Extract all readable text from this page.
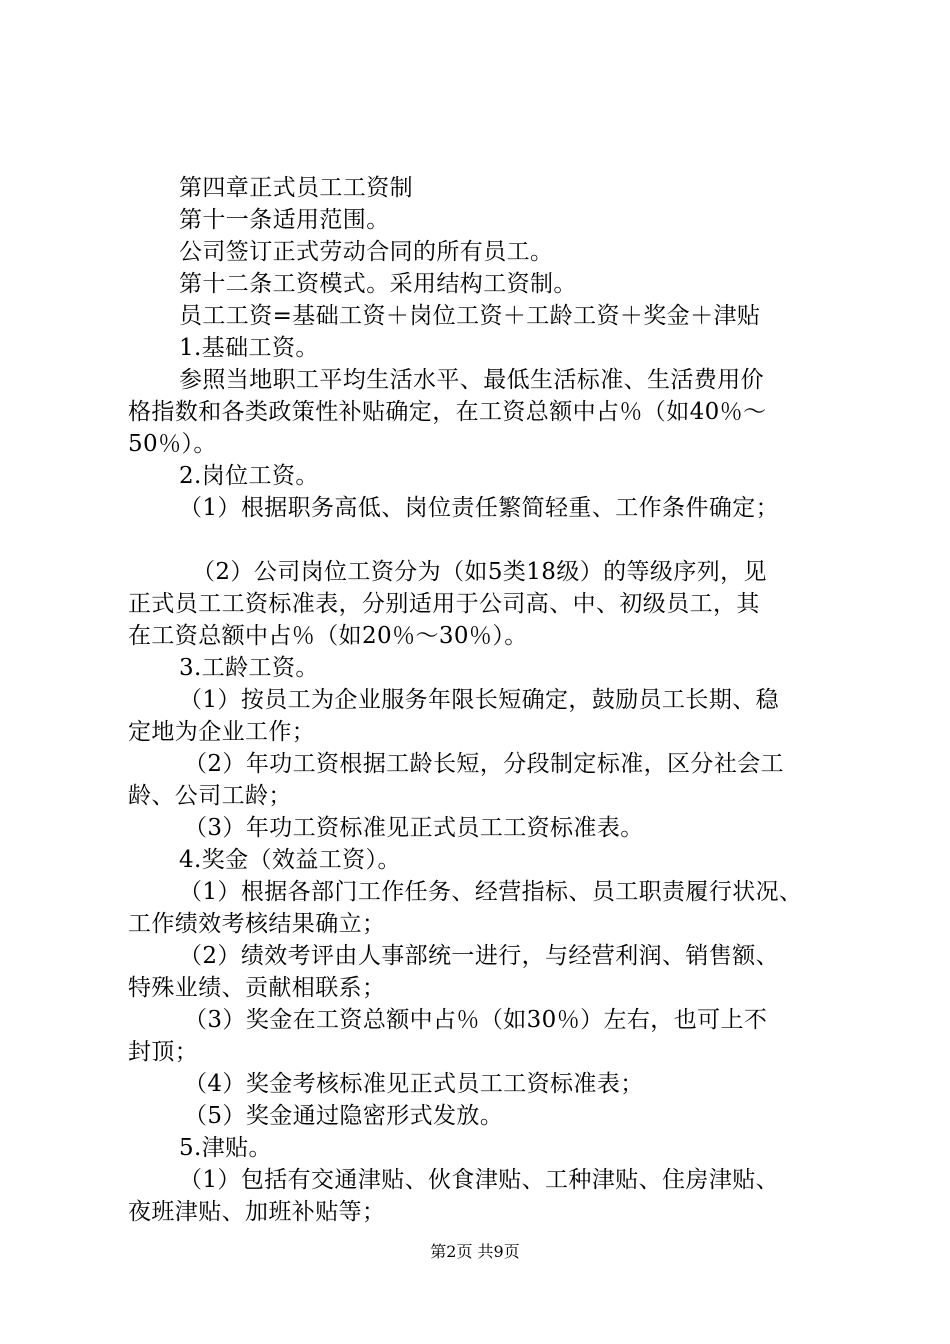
第四章正式员工工资制
第十一条适用范围。
公司签订正式劳动合同的所有员工。
第十二条工资模式。采用结构工资制。
员工工资=基础工资＋岗位工资＋工龄工资＋奖金＋津贴
1.基础工资。
参照当地职工平均生活水平、最低生活标准、生活费用价
格指数和各类政策性补贴确定，在工资总额中占％（如40％～
50％）。
2.岗位工资。
（1）根据职务高低、岗位责任繁简轻重、工作条件确定；
（2）公司岗位工资分为（如5类18级）的等级序列，见
正式员工工资标准表，分别适用于公司高、中、初级员工，其
在工资总额中占％（如20％～30％）。
3.工龄工资。
（1）按员工为企业服务年限长短确定，鼓励员工长期、稳
定地为企业工作；
（2）年功工资根据工龄长短，分段制定标准，区分社会工
龄、公司工龄；
（3）年功工资标准见正式员工工资标准表。
4.奖金（效益工资）。
（1）根据各部门工作任务、经营指标、员工职责履行状况、
工作绩效考核结果确立；
（2）绩效考评由人事部统一进行，与经营利润、销售额、
特殊业绩、贡献相联系；
（3）奖金在工资总额中占％（如30％）左右，也可上不
封顶；
（4）奖金考核标准见正式员工工资标准表；
（5）奖金通过隐密形式发放。
5.津贴。
（1）包括有交通津贴、伙食津贴、工种津贴、住房津贴、
夜班津贴、加班补贴等；
第2页 共9页
